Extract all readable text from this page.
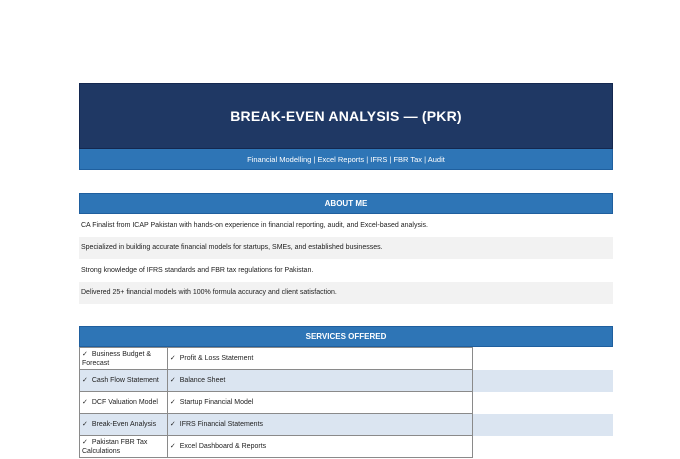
BREAK-EVEN ANALYSIS — (PKR)
Financial Modelling | Excel Reports | IFRS | FBR Tax | Audit
ABOUT ME
CA Finalist from ICAP Pakistan with hands-on experience in financial reporting, audit, and Excel-based analysis.
Specialized in building accurate financial models for startups, SMEs, and established businesses.
Strong knowledge of IFRS standards and FBR tax regulations for Pakistan.
Delivered 25+ financial models with 100% formula accuracy and client satisfaction.
SERVICES OFFERED
✓ Business Budget & Forecast	✓ Profit & Loss Statement	
✓ Cash Flow Statement	✓ Balance Sheet	
✓ DCF Valuation Model	✓ Startup Financial Model	
✓ Break-Even Analysis	✓ IFRS Financial Statements	
✓ Pakistan FBR Tax Calculations	✓ Excel Dashboard & Reports	
